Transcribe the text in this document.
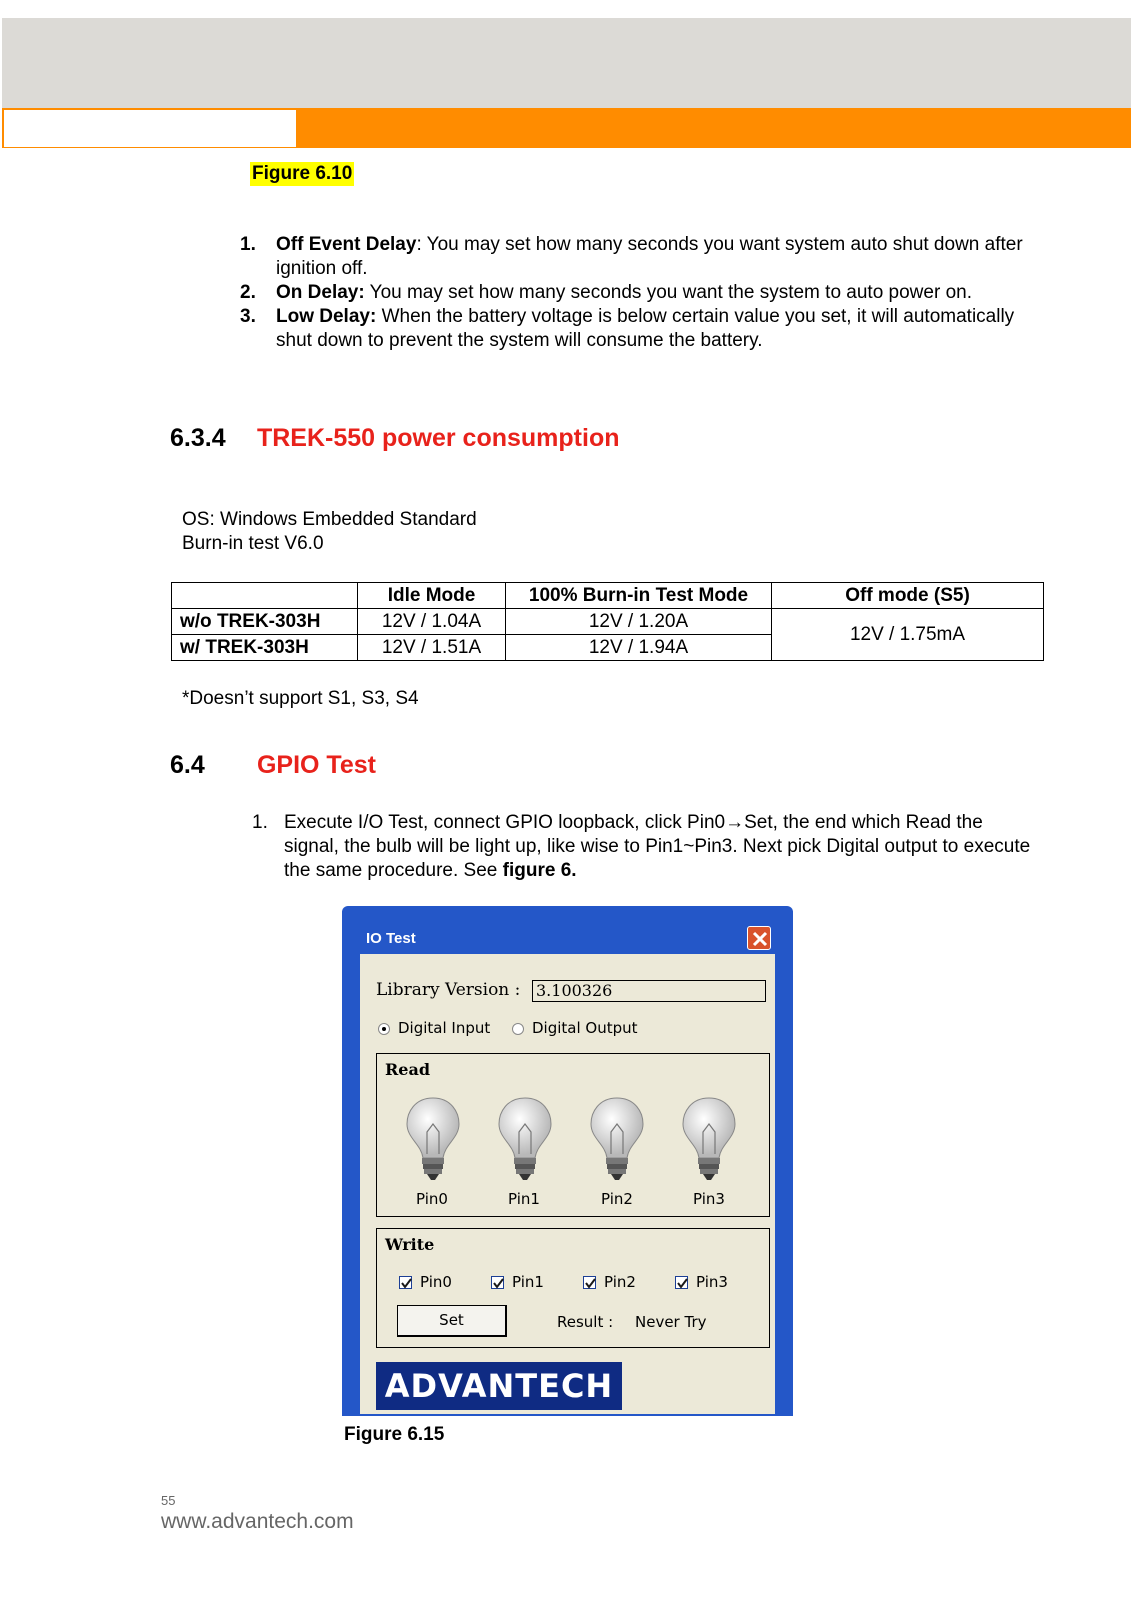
Figure 6.10
1. Off Event Delay: You may set how many seconds you want system auto shut down after ignition off.
2. On Delay: You may set how many seconds you want the system to auto power on.
3. Low Delay: When the battery voltage is below certain value you set, it will automatically shut down to prevent the system will consume the battery.
6.3.4 TREK-550 power consumption
OS: Windows Embedded Standard
Burn-in test V6.0
	Idle Mode	100% Burn-in Test Mode	Off mode (S5)
w/o TREK-303H	12V / 1.04A	12V / 1.20A	12V / 1.75mA
w/ TREK-303H	12V / 1.51A	12V / 1.94A	
*Doesn’t support S1, S3, S4
6.4 GPIO Test
1. Execute I/O Test, connect GPIO loopback, click Pin0→Set, the end which Read the signal, the bulb will be light up, like wise to Pin1~Pin3. Next pick Digital output to execute the same procedure. See figure 6.
IO Test
Library Version : 3.100326
Digital Input	Digital Output
Read
Pin0	Pin1	Pin2	Pin3
Write
Pin0	Pin1	Pin2	Pin3
Set	Result : Never Try
ADVANTECH
Figure 6.15
55
www.advantech.com
